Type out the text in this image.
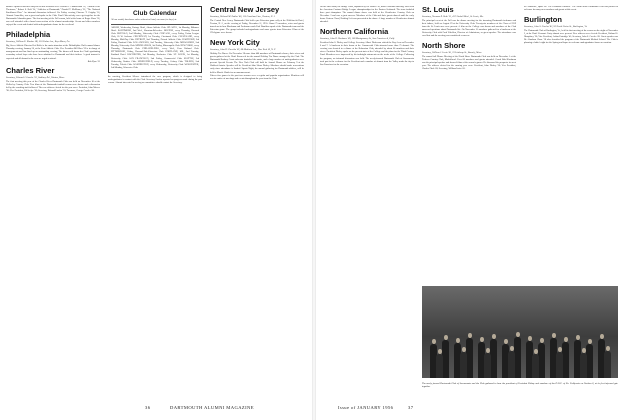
alumni. Speakers and their subjects on this occasion were: Edward T. Chamberlain '36, "Pursuit of the Theatrone;" Robert S. Rolf '34, "Athletics at Dartmouth;" Donald T. McKinney '26, "The National Enrollment Plan." An informal discussion followed. On Friday evening Clarence T. Grigsby '10, Alumni Councillor, was a guest and spoke to the Club. Final Club activity was a get-together for the Dartmouth-Columbia game. The first meeting of the Fall season, held at the home of Roger Shaw '30, was well attended with a broad cross-section of the alumni membership. Guests and older members enjoyed the event and chatted with undergraduates home for the weekend.
Philadelphia
Secretary, William E. Riecker '48, 510 Cedar Ave., Bryn Mawr, Pa.
Big Green Athletic Director Red Rolfe is the main attraction at the Philadelphia Club's annual dinner Thursday evening, January 26, at the Penn Athletic Club. Vice President Bill Shea '32 is in charge of arrangements and has lined up an outstanding evening. The dinner will honor the Club's graduating secondary school boys who have been admitted to Dartmouth and their fathers. A good turnout is expected and all alumni in the area are urged to attend.
Bob Dyer '51
Charles River
Secretary, Edward J. Lawlor '53, Sudbury Rd., Weston, Mass.
The first meeting this year of the Charles River Dartmouth Club was held on November 10 at the Wellesley Country Club. Two films of the Dartmouth football season were shown and a discussion led by the coaching staff followed. The new officers elected for the year were: President, John Mercer '38; Vice President, Ed Seelye '36; Secretary, Edward Lawlor '53; Treasurer, George Cowles '44.
Club Calendar
All our weekly luncheons unless otherwise listed, are noon (or days) at:
AKRON, Wednesday, Portage Hotel, Akron Athletic Club. ATLANTA, 1st Monday, Biltmore Hotel. BALTIMORE, 2nd Wed., Sheraton-Belvedere. BOSTON, every Thursday, Harvard Club. BUFFALO, 2nd Monday, University Club. CHICAGO, every Friday, Union League Club, 65 W. Jackson. CINCINNATI, 1st Tuesday, Cincinnati Club. CLEVELAND, every Monday, Mid-Day Club. DETROIT, 2nd Thursday, Detroit Athletic Club. HARTFORD, 3rd Friday, Hartford Club. LOS ANGELES, 2nd Tuesday, University Club. MILWAUKEE, 2nd Monday, University Club. MINNEAPOLIS, 3rd Friday, Minneapolis Club. NEW YORK, every Thursday, Dartmouth Club. PHILADELPHIA, every Wed., Poor Richard Club. PITTSBURGH, Friday, Harvard-Yale-Princeton Club. PORTLAND, ME., 2nd Tuesday, Eastland Hotel. ROCHESTER, 3rd Monday, Rochester Club. ST. LOUIS, 1st Monday, University Club. SAN FRANCISCO, 2nd Friday, Commercial Club. SEATTLE, 3rd Wednesday, Rainier Club. SPRINGFIELD, every Tuesday, Colony Club. TOLEDO, 2nd Tuesday, Toledo Club. WASHINGTON, every Wednesday, University Club. WORCESTER, 3rd Monday, Worcester Club.
the meeting, President Mercer introduced the new program, which is designed to bring undergraduates in contact with the Club. Secretary Lawlor reported on progress made during the past season. Alumni interested in serving on committees should contact the Secretary.
Central New Jersey
Secretary, Richard M. Zettler '48, 115 Courtland Ave., Trenton, N. J.
The Central New Jersey Dartmouth Club held a pre-Princeton game rally at the Hildebrecht Hotel, Trenton, N. J., on the evening of Friday, November 11, 1955. About 75 members, wives and guests turned out to hear Blackman and Freshman coach Earl Hamilton speak of the Dartmouth team and the Princeton game. The group included undergraduates and some guests from Princeton. Films of the 1954 game were shown.
New York City
Secretary, John H. Garside '42, 60 Madison Ave., New York 10, N. Y.
Holiday Tea Dance. On December 28 more than 400 members of Dartmouth classes, their wives and guests gathered at the Hotel Roosevelt for the annual Holiday Tea Dance arranged by the Club. The Dartmouth Barbary Coast orchestra furnished the music, and a large number of undergraduates were present. Special Events: The New York Club will hold its Annual Dinner on February 9 at the Waldorf-Astoria. Speaker will be President John Sloan Dickey. Members should make reservations early since attendance is limited. Sports Night, the annual gathering for Dartmouth athletes, will be held in March. Watch for an announcement.
Fifteen fine games in the past two seasons were a regular and popular organization. Members will receive notice of meetings and events throughout the year from the Club.
36	DARTMOUTH ALUMNI MAGAZINE
On the other hand, the Bridge Team, captained by Joe Rosner '50, made a brilliant showing. Pairs won the American Contract Bridge League championships for the Eastern Seaboard. The team included three past champions. The annual dinner dance was held at the Westchester Country Club on December 3 and was a great success. Members of the Club and their guests danced until the early hours. Eastern Cloud, Nothing Left was presented at the dance. A large number of Westchester alumni attended.
Northern California
Secretary, John R. Harkness '49, 100 Montgomery St., San Francisco 4, Calif.
President John S. Dickey and College Secretary Albert Dickerson visited the Bay Area on December 6 and 7. A luncheon in their honor at the Commercial Club attracted more than 75 alumni. The evening was devoted to a dinner at the Bohemian Club, attended by about 60 members and their wives. President Dickey spoke on the present state of the College and the plans for the Third Century Fund. Members were impressed by his forthright statements on the needs of the College. Following the program, an informal discussion was held. The newly-formed Dartmouth Club of Sacramento took part in the welcome for the President and a number of alumni from the Valley made the trip to San Francisco for the occasion.
St. Louis
Secretary, Norman R. Roth '51, 417 Lindell Blvd., St. Louis, Mo.
The principal event of the Fall was the dinner meeting for the incoming Dartmouth freshmen and their fathers, held on August 29 at the University Club. Twenty-six members of the Class of 1959 from the St. Louis area were present. A film on the College was shown and members of the Club answered questions about Dartmouth life. On November 15 members gathered for a luncheon at the University Club with Ford Whelden, Director of Admissions, as guest speaker. The attendance was excellent and the meeting was considered a success.
North Shore
Secretary, William J. Irwin '41, 23 Linthrup St., Beverly, Mass.
The annual fall Dinner Meeting of the North Shore Dartmouth Club was held on December 1 at the Tedesco Country Club, Marblehead. Over 60 members and guests attended. Coach Bob Blackman was the principal speaker and showed films of the season's games. He discussed the prospects for next year. The officers elected for the ensuing year were: President, John Dickey '36; Vice President, Charles Fitch '43; Secretary, William Irwin '41.
of Commerce, spoke on "The Economic Outlook." The North Shore Dartmouth Club was pleased to welcome its many new members and guests at this event.
Burlington
Secretary, John S. Cowles '43, 93 North Union St., Burlington, Vt.
The Dartmouth Club of Burlington, Vt., held its first meeting of the season on the night of November 3, at the Hotel Vermont. Forty alumni were present. New officers were elected: President, Richard S. Humphrey '36; Vice President, Arthur Partridge '41; Secretary, John S. Cowles '43. Guest speaker was Dr. Abraham Chase '18 who described the program of the Dartmouth Medical School. The Club is planning a ladies' night for the Spring and hopes to welcome undergraduates home on vacation.
The newly formed Dartmouth Club of Sacramento and the Club gathered to hear the president of President Dickey and members of the D.O.C. of No. California on October 8, at its first informal get-together.
Issue of JANUARY 1956	37
